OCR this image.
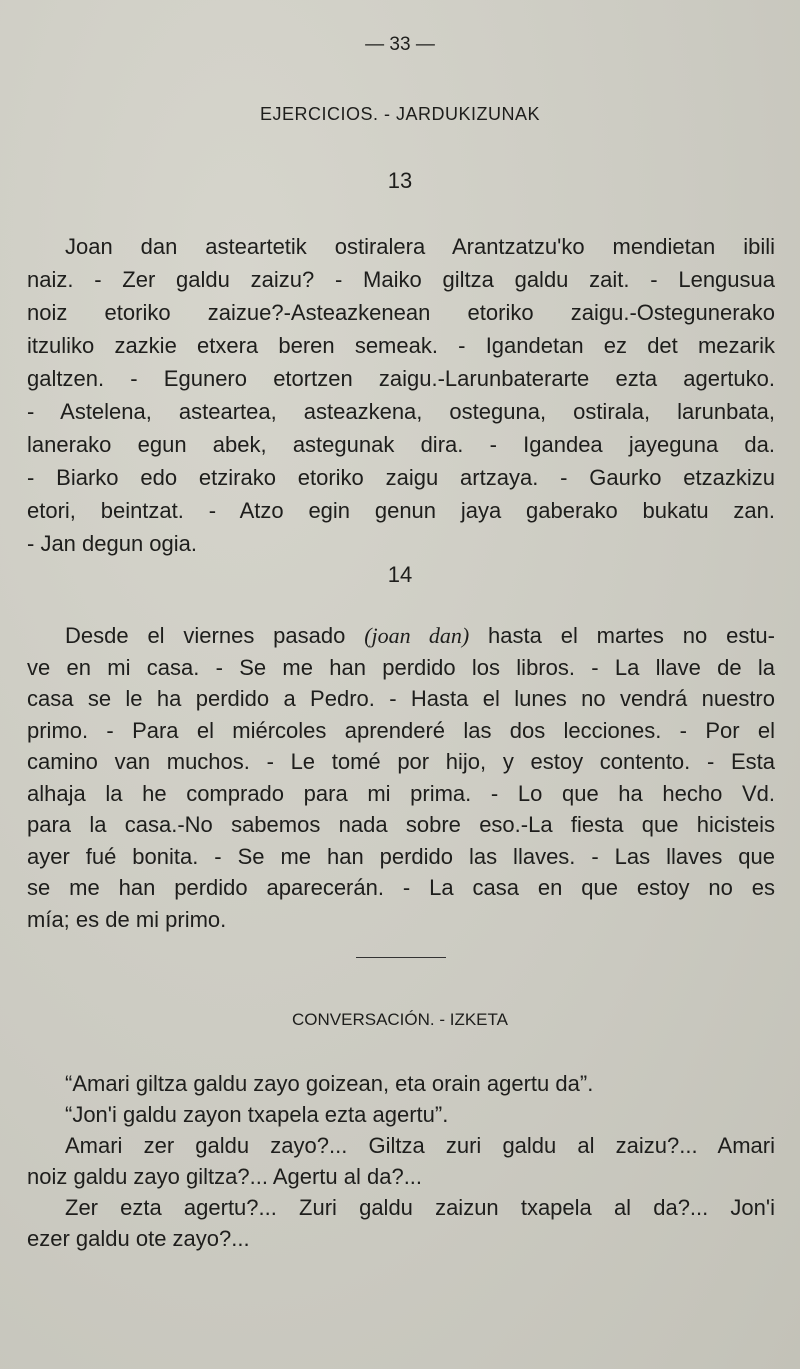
— 33 —
EJERCICIOS. - JARDUKIZUNAK
13
Joan dan asteartetik ostiralera Arantzatzu'ko mendietan ibili
naiz. - Zer galdu zaizu? - Maiko giltza galdu zait. - Lengusua
noiz etoriko zaizue?-Asteazkenean etoriko zaigu.-Ostegunerako
itzuliko zazkie etxera beren semeak. - Igandetan ez det mezarik
galtzen. - Egunero etortzen zaigu.-Larunbaterarte ezta agertuko.
- Astelena, asteartea, asteazkena, osteguna, ostirala, larunbata,
lanerako egun abek, astegunak dira. - Igandea jayeguna da.
- Biarko edo etzirako etoriko zaigu artzaya. - Gaurko etzazkizu
etori, beintzat. - Atzo egin genun jaya gaberako bukatu zan.
- Jan degun ogia.
14
Desde el viernes pasado (joan dan) hasta el martes no estu-
ve en mi casa. - Se me han perdido los libros. - La llave de la
casa se le ha perdido a Pedro. - Hasta el lunes no vendrá nuestro
primo. - Para el miércoles aprenderé las dos lecciones. - Por el
camino van muchos. - Le tomé por hijo, y estoy contento. - Esta
alhaja la he comprado para mi prima. - Lo que ha hecho Vd.
para la casa.-No sabemos nada sobre eso.-La fiesta que hicisteis
ayer fué bonita. - Se me han perdido las llaves. - Las llaves que
se me han perdido aparecerán. - La casa en que estoy no es
mía; es de mi primo.
CONVERSACIÓN. - IZKETA
“Amari giltza galdu zayo goizean, eta orain agertu da”.
“Jon'i galdu zayon txapela ezta agertu”.
Amari zer galdu zayo?... Giltza zuri galdu al zaizu?... Amari
noiz galdu zayo giltza?... Agertu al da?...
Zer ezta agertu?... Zuri galdu zaizun txapela al da?... Jon'i
ezer galdu ote zayo?...
